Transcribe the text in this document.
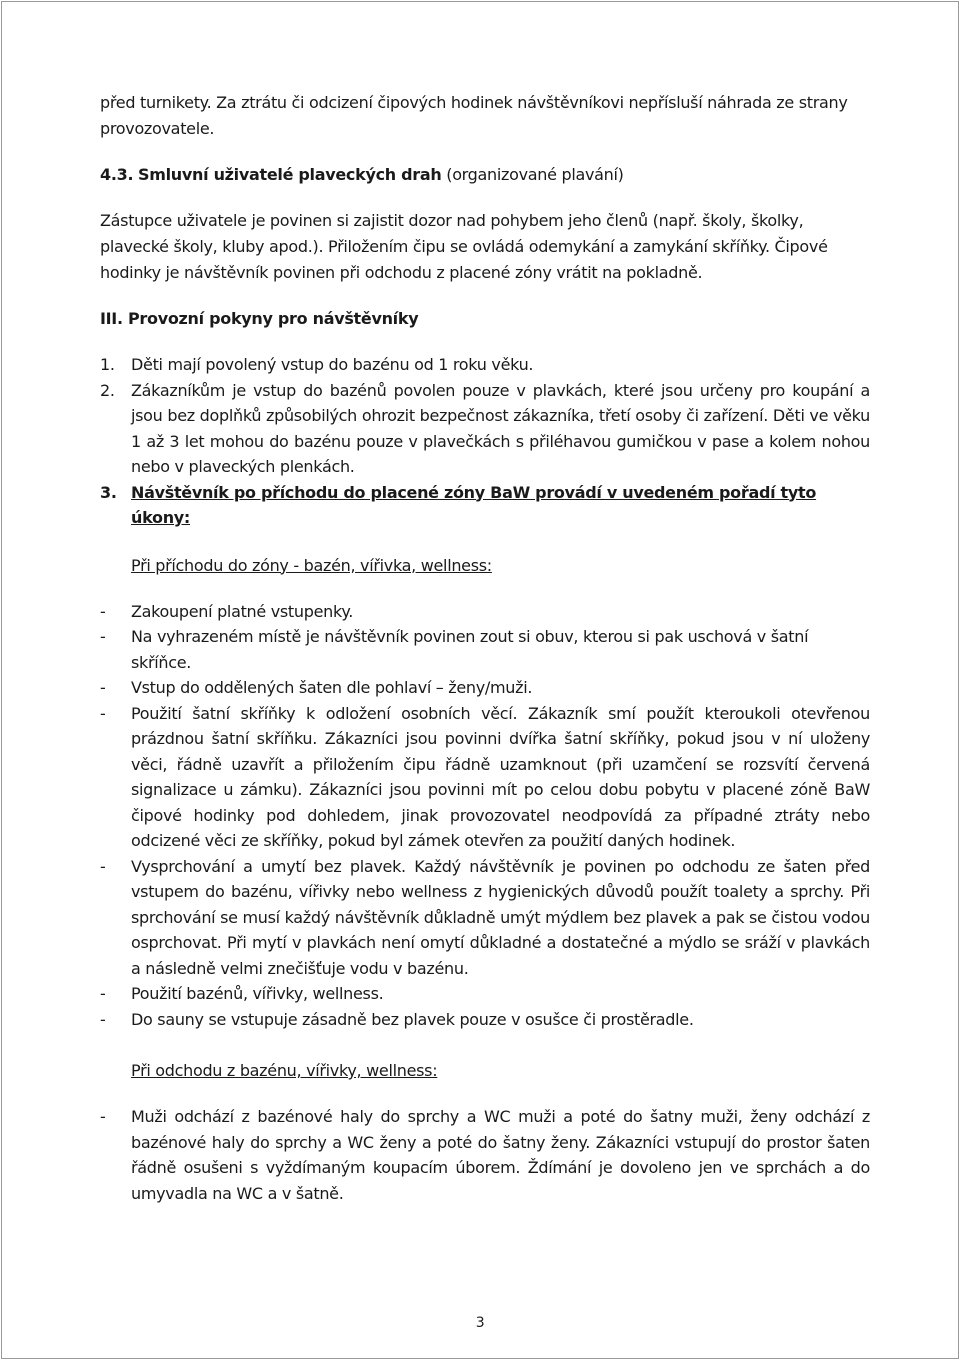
před turnikety. Za ztrátu či odcizení čipových hodinek návštěvníkovi nepřísluší náhrada ze strany provozovatele.

4.3. Smluvní uživatelé plaveckých drah (organizované plavání)

Zástupce uživatele je povinen si zajistit dozor nad pohybem jeho členů (např. školy, školky, plavecké školy, kluby apod.). Přiložením čipu se ovládá odemykání a zamykání skříňky. Čipové hodinky je návštěvník povinen při odchodu z placené zóny vrátit na pokladně.

III. Provozní pokyny pro návštěvníky

1.	Děti mají povolený vstup do bazénu od 1 roku věku.
2.	Zákazníkům je vstup do bazénů povolen pouze v plavkách, které jsou určeny pro koupání a jsou bez doplňků způsobilých ohrozit bezpečnost zákazníka, třetí osoby či zařízení. Děti ve věku 1 až 3 let mohou do bazénu pouze v plavečkách s přiléhavou gumičkou v pase a kolem nohou nebo v plaveckých plenkách.
3. Návštěvník po příchodu do placené zóny BaW provádí v uvedeném pořadí tyto úkony:

Při příchodu do zóny - bazén, vířivka, wellness:

-	Zakoupení platné vstupenky.
-	Na vyhrazeném místě je návštěvník povinen zout si obuv, kterou si pak uschová v šatní skříňce.
-	Vstup do oddělených šaten dle pohlaví – ženy/muži.
-	Použití šatní skříňky k odložení osobních věcí. Zákazník smí použít kteroukoli otevřenou prázdnou šatní skříňku. Zákazníci jsou povinni dvířka šatní skříňky, pokud jsou v ní uloženy věci, řádně uzavřít a přiložením čipu řádně uzamknout (při uzamčení se rozsvítí červená signalizace u zámku). Zákazníci jsou povinni mít po celou dobu pobytu v placené zóně BaW čipové hodinky pod dohledem, jinak provozovatel neodpovídá za případné ztráty nebo odcizené věci ze skříňky, pokud byl zámek otevřen za použití daných hodinek.
-	Vysprchování a umytí bez plavek. Každý návštěvník je povinen po odchodu ze šaten před vstupem do bazénu, vířivky nebo wellness z hygienických důvodů použít toalety a sprchy. Při sprchování se musí každý návštěvník důkladně umýt mýdlem bez plavek a pak se čistou vodou osprchovat. Při mytí v plavkách není omytí důkladné a dostatečné a mýdlo se sráží v plavkách a následně velmi znečišťuje vodu v bazénu.
-	Použití bazénů, vířivky, wellness.
-	Do sauny se vstupuje zásadně bez plavek pouze v osušce či prostěradle.

Při odchodu z bazénu, vířivky, wellness:

-	Muži odchází z bazénové haly do sprchy a WC muži a poté do šatny muži, ženy odchází z bazénové haly do sprchy a WC ženy a poté do šatny ženy. Zákazníci vstupují do prostor šaten řádně osušeni s vyždímaným koupacím úborem. Ždímání je dovoleno jen ve sprchách a do umyvadla na WC a v šatně.
3
